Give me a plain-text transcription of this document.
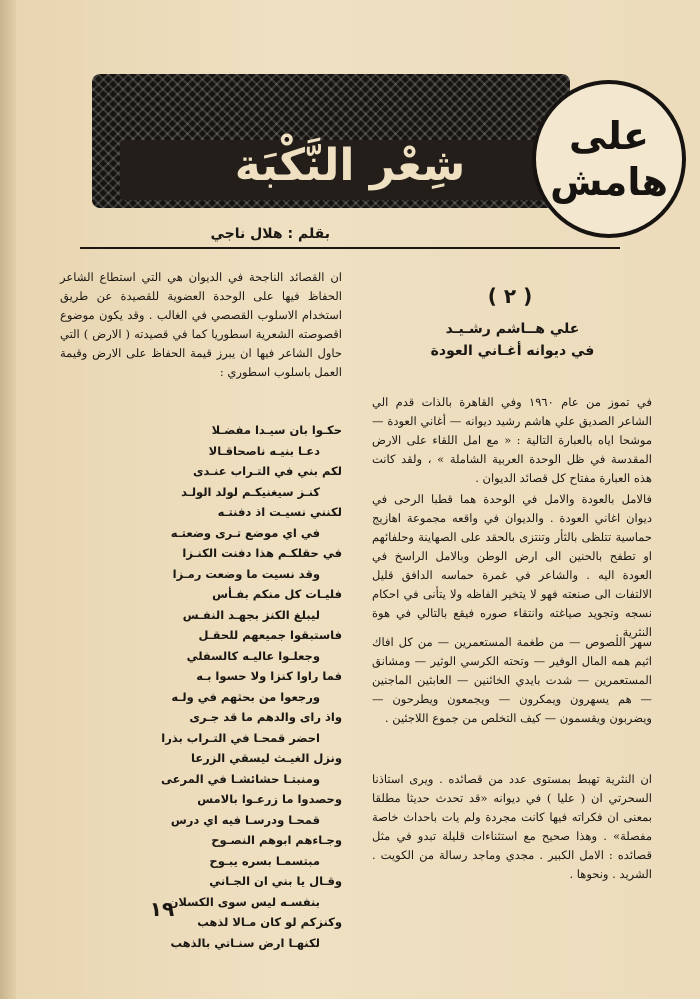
شِعْر النَّكْبَة
على
هامش
بقلم : هلال ناجي
( ٢ )
علي هــاشم رشـيـد
في ديوانه أغـاني العودة

في تموز من عام ١٩٦٠ وفي القاهرة بالذات قدم الي الشاعر الصديق علي هاشم رشيد ديوانه — أغاني العودة — موشحا اياه بالعبارة التالية : « مع امل اللقاء على الارض المقدسة في ظل الوحدة العربية الشاملة » ، ولقد كانت هذه العبارة مفتاح كل قصائد الديوان .

فالامل بالعودة والامل في الوحدة هما قطبا الرحى في ديوان اغاني العودة . والديوان في واقعه مجموعة اهازيج حماسية تتلظى بالثأر وتنتزى بالحقد على الصهاينة وحلفائهم او تطفح بالحنين الى ارض الوطن وبالامل الراسخ في العودة اليه . والشاعر في غمرة حماسه الدافق قليل الالتفات الى صنعته فهو لا يتخير الفاظه ولا يتأنى في احكام نسجه وتجويد صياغته وانتقاء صوره فيقع بالتالي في هوة النثرية .

سهر اللصوص — من طغمة المستعمرين — من كل افاك اثيم همه المال الوفير — وتحته الكرسي الوثير — ومشانق المستعمرين — شدت بايدي الخائنين — العابثين الماجنين — هم يسهرون ويمكرون — ويجمعون ويطرحون — ويضربون ويقسمون — كيف التخلص من جموع اللاجئين .

ان النثرية تهبط بمستوى عدد من قصائده . ويرى استاذنا السحرتي ان ( عليا ) في ديوانه «قد تحدث حديثا مطلقا بمعنى ان فكراته فيها كانت مجردة ولم يات باحداث خاصة مفصلة» . وهذا صحيح مع استثناءات قليلة تبدو في مثل قصائده : الامل الكبير . مجدي وماجد رسالة من الكويت . الشريد . ونحوها .

ان القصائد الناجحة في الديوان هي التي استطاع الشاعر الحفاظ فيها على الوحدة العضوية للقصيدة عن طريق استخدام الاسلوب القصصي في الغالب . وقد يكون موضوع اقصوصته الشعرية اسطوريا كما في قصيدته ( الارض ) التي حاول الشاعر فيها ان يبرز قيمة الحفاظ على الارض وقيمة العمل باسلوب اسطوري :

حكـوا بان سيـدا مفضـلا
دعـا بنيـه ناصحاقـالا
لكم بني في التـراب عنـدى
كنـز سيغنيكـم لولد الولـد
لكنني نسيـت اذ دفنتـه
في اي موضع تـرى وضعتـه
في حقلكـم هذا دفنت الكنـزا
وقد نسيت ما وضعت رمـزا
فليـات كل منكم بفـأس
ليبلغ الكنز بجهـد النفـس
فاستبقوا جميعهم للحقـل
وجعلـوا عاليـه كالسفلي
فما راوا كنزا ولا حسوا بـه
ورجعوا من بحثهم في ولـه
واذ راى والدهم ما قد جـرى
احضر قمحـا في التـراب بذرا
ونزل الغيـث ليسقي الزرعا
ومنبتـا حشائشـا في المرعى
وحصدوا ما زرعـوا بالامس
قمحـا ودرسـا فيه اي درس
وجـاءهم ابوهم النصـوح
مبتسمـا بسره يبـوح
وقـال يا بني ان الجـاني
بنفسـه ليس سوى الكسلان
وكنزكم لو كان مـالا لذهب
لكنهـا ارض سنـاتي بالذهب
١٩
